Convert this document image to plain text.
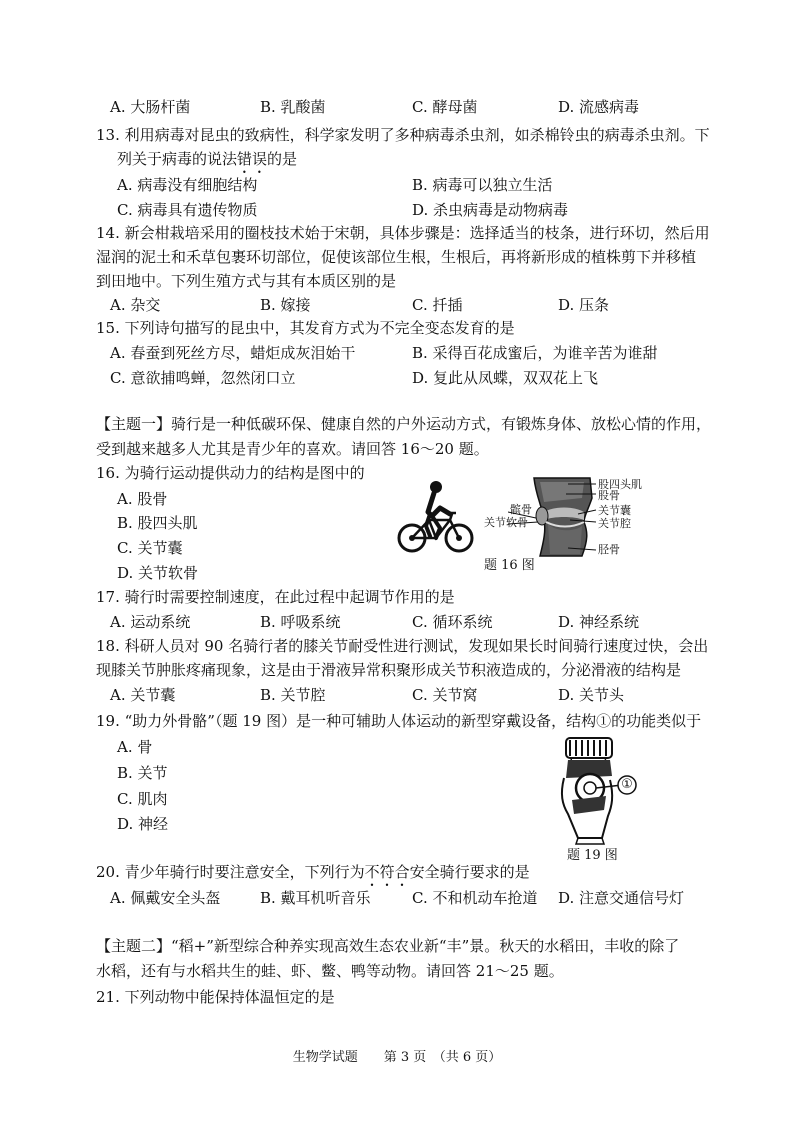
A. 大肠杆菌	B. 乳酸菌	C. 酵母菌	D. 流感病毒
13. 利用病毒对昆虫的致病性，科学家发明了多种病毒杀虫剂，如杀棉铃虫的病毒杀虫剂。下
列关于病毒的说法错误的是
A. 病毒没有细胞结构	B. 病毒可以独立生活
C. 病毒具有遗传物质	D. 杀虫病毒是动物病毒
14. 新会柑栽培采用的圈枝技术始于宋朝，具体步骤是：选择适当的枝条，进行环切，然后用
湿润的泥土和禾草包裹环切部位，促使该部位生根，生根后，再将新形成的植株剪下并移植
到田地中。下列生殖方式与其有本质区别的是
A. 杂交	B. 嫁接	C. 扦插	D. 压条
15. 下列诗句描写的昆虫中，其发育方式为不完全变态发育的是
A. 春蚕到死丝方尽，蜡炬成灰泪始干	B. 采得百花成蜜后，为谁辛苦为谁甜
C. 意欲捕鸣蝉，忽然闭口立	D. 复此从凤蝶，双双花上飞
【主题一】骑行是一种低碳环保、健康自然的户外运动方式，有锻炼身体、放松心情的作用，
受到越来越多人尤其是青少年的喜欢。请回答 16～20 题。
16. 为骑行运动提供动力的结构是图中的
A. 股骨
B. 股四头肌
C. 关节囊
D. 关节软骨
股四头肌
股骨
关节囊
关节腔
胫骨
髌骨
关节软骨
题 16 图
17. 骑行时需要控制速度，在此过程中起调节作用的是
A. 运动系统	B. 呼吸系统	C. 循环系统	D. 神经系统
18. 科研人员对 90 名骑行者的膝关节耐受性进行测试，发现如果长时间骑行速度过快，会出
现膝关节肿胀疼痛现象，这是由于滑液异常积聚形成关节积液造成的，分泌滑液的结构是
A. 关节囊	B. 关节腔	C. 关节窝	D. 关节头
19. “助力外骨骼”（题 19 图）是一种可辅助人体运动的新型穿戴设备，结构①的功能类似于
A. 骨
B. 关节
C. 肌肉
D. 神经
①
题 19 图
20. 青少年骑行时要注意安全，下列行为不符合安全骑行要求的是
A. 佩戴安全头盔	B. 戴耳机听音乐	C. 不和机动车抢道 D. 注意交通信号灯
【主题二】“稻+”新型综合种养实现高效生态农业新“丰”景。秋天的水稻田，丰收的除了
水稻，还有与水稻共生的蛙、虾、鳖、鸭等动物。请回答 21～25 题。
21. 下列动物中能保持体温恒定的是
生物学试题　　第 3 页　（共 6 页）
